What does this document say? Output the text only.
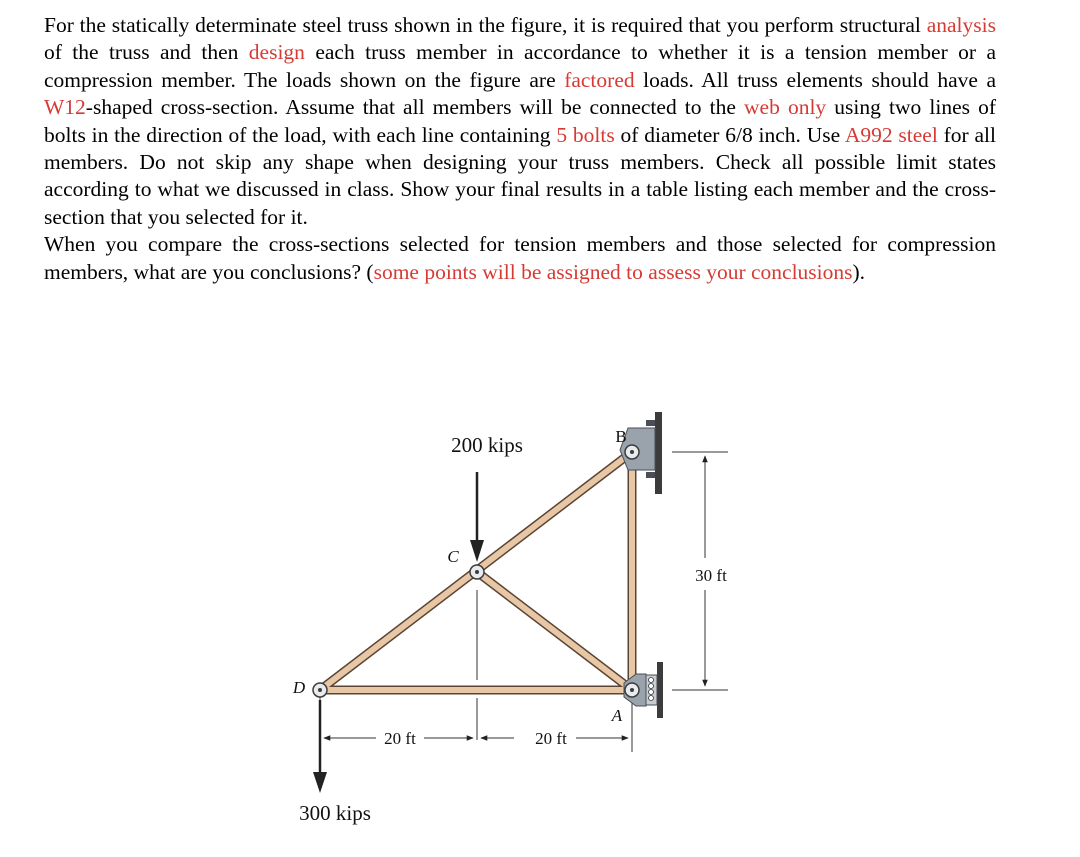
For the statically determinate steel truss shown in the figure, it is required that you perform structural analysis of the truss and then design each truss member in accordance to whether it is a tension member or a compression member. The loads shown on the figure are factored loads. All truss elements should have a W12-shaped cross-section. Assume that all members will be connected to the web only using two lines of bolts in the direction of the load, with each line containing 5 bolts of diameter 6/8 inch. Use A992 steel for all members. Do not skip any shape when designing your truss members. Check all possible limit states according to what we discussed in class. Show your final results in a table listing each member and the cross-section that you selected for it.

When you compare the cross-sections selected for tension members and those selected for compression members, what are you conclusions? (some points will be assigned to assess your conclusions).

20 ft	20 ft
30 ft
200 kips
300 kips
B
C
D
A
